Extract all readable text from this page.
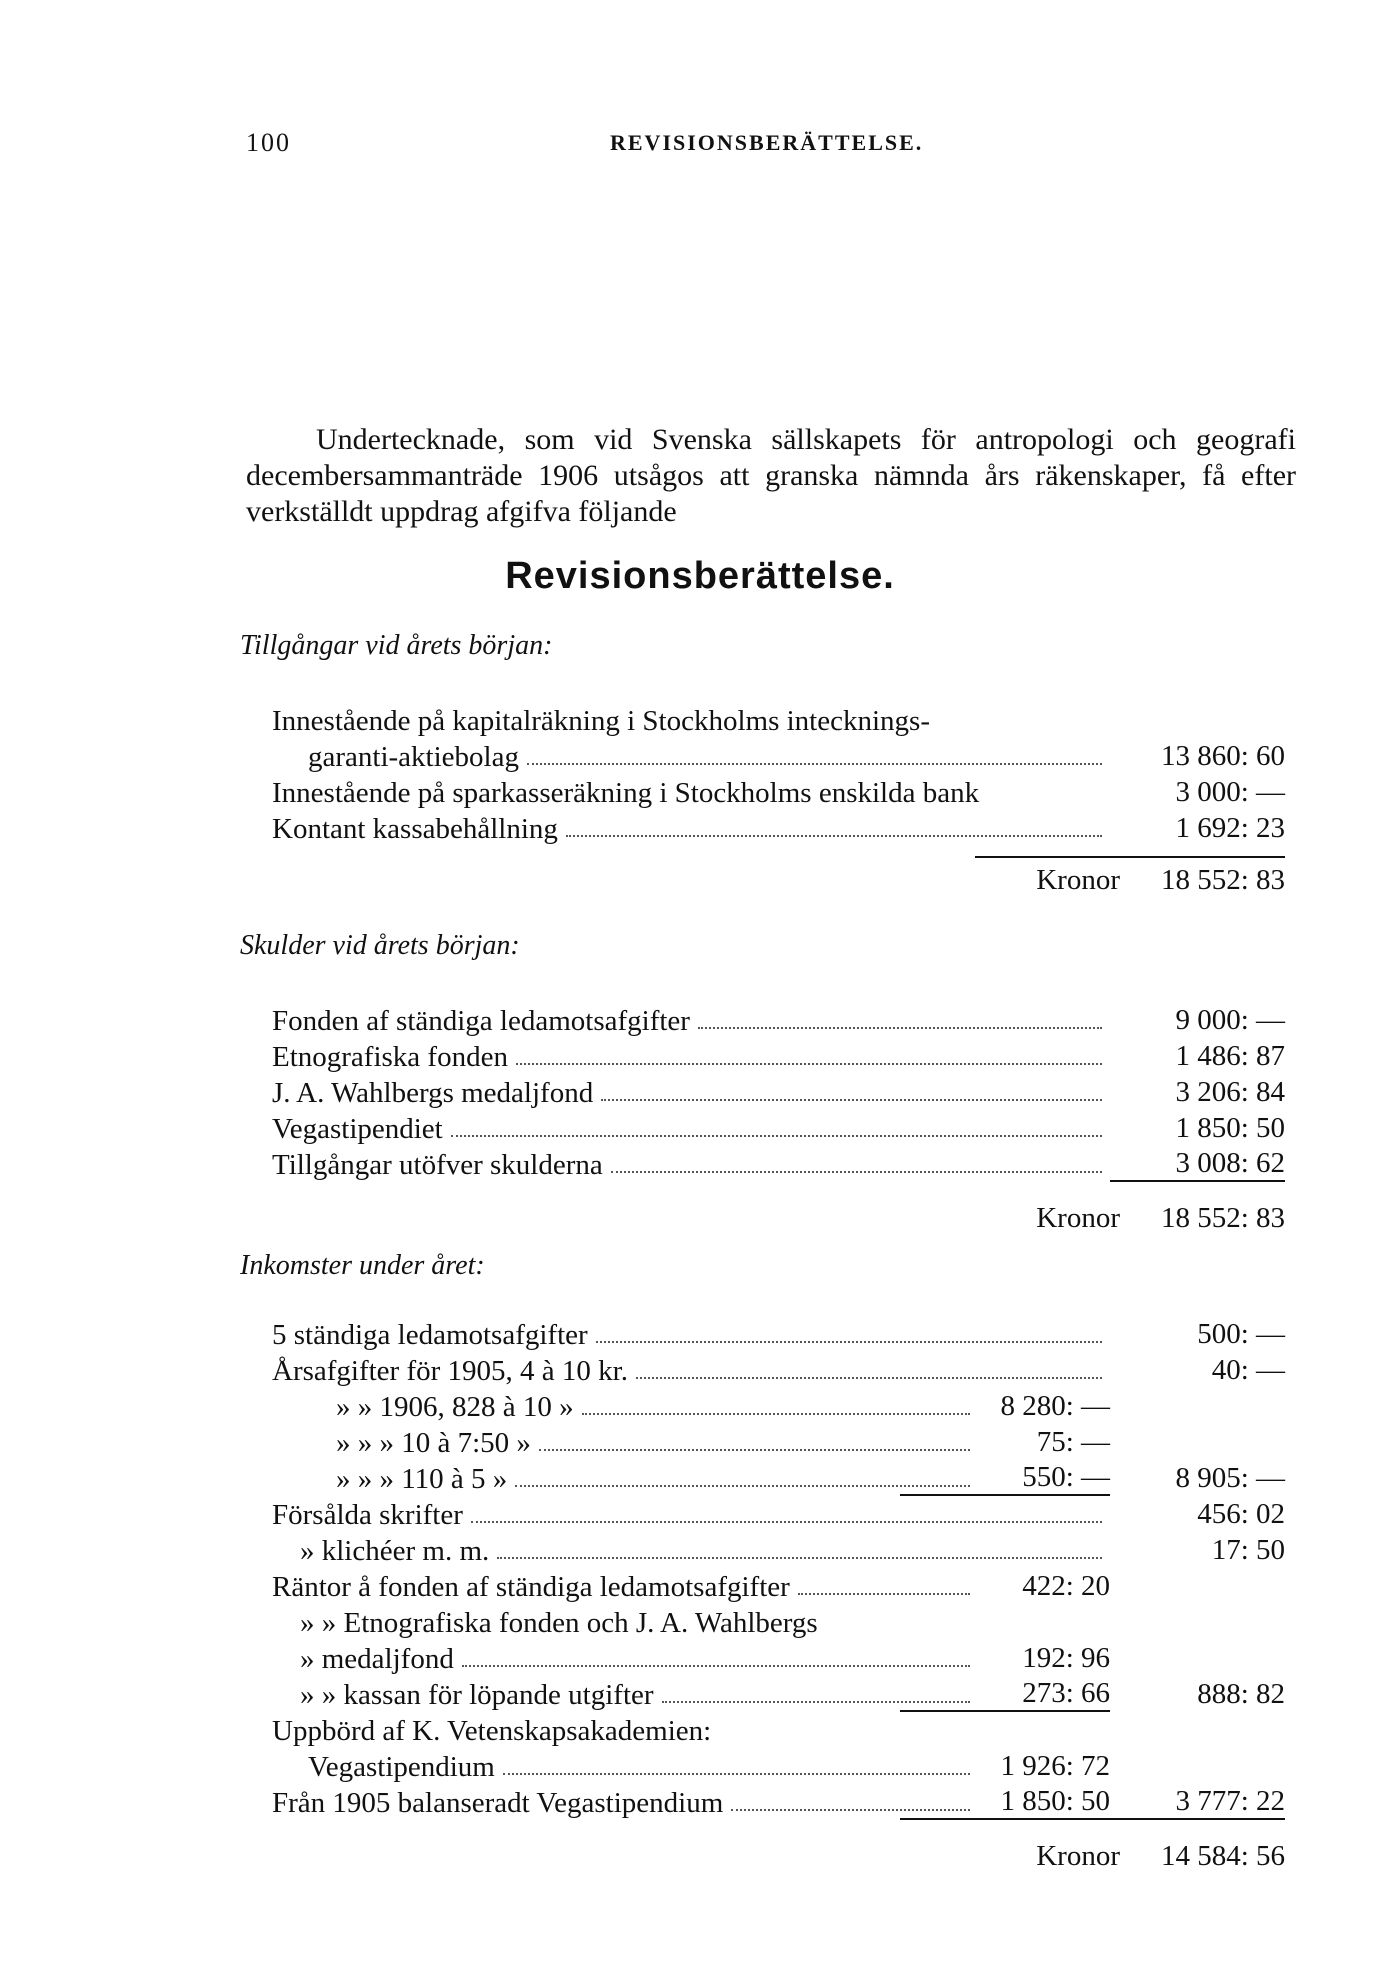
100	REVISIONSBERÄTTELSE.

Undertecknade, som vid Svenska sällskapets för antropologi och geografi decembersammanträde 1906 utsågos att granska nämnda års räkenskaper, få efter verkställdt uppdrag afgifva följande

Revisionsberättelse.
Tillgångar vid årets början:
Innestående på kapitalräkning i Stockholms intecknings-
garanti-aktiebolag	13 860: 60
Innestående på sparkasseräkning i Stockholms enskilda bank	3 000: —
Kontant kassabehållning	1 692: 23
Kronor	18 552: 83
Skulder vid årets början:
Fonden af ständiga ledamotsafgifter	9 000: —
Etnografiska fonden	1 486: 87
J. A. Wahlbergs medaljfond	3 206: 84
Vegastipendiet	1 850: 50
Tillgångar utöfver skulderna	3 008: 62
Kronor	18 552: 83
Inkomster under året:
5 ständiga ledamotsafgifter	500: —
Årsafgifter för 1905, 4 à 10 kr.	40: —
» » 1906, 828 à 10 »	8 280: —
» » » 10 à 7:50 »	75: —
» » » 110 à 5 »	550: —	8 905: —
Försålda skrifter	456: 02
» klichéer m. m.	17: 50
Räntor å fonden af ständiga ledamotsafgifter	422: 20
» » Etnografiska fonden och J. A. Wahlbergs
» medaljfond	192: 96
» » kassan för löpande utgifter	273: 66	888: 82
Uppbörd af K. Vetenskapsakademien:
Vegastipendium	1 926: 72
Från 1905 balanseradt Vegastipendium	1 850: 50	3 777: 22
Kronor	14 584: 56
